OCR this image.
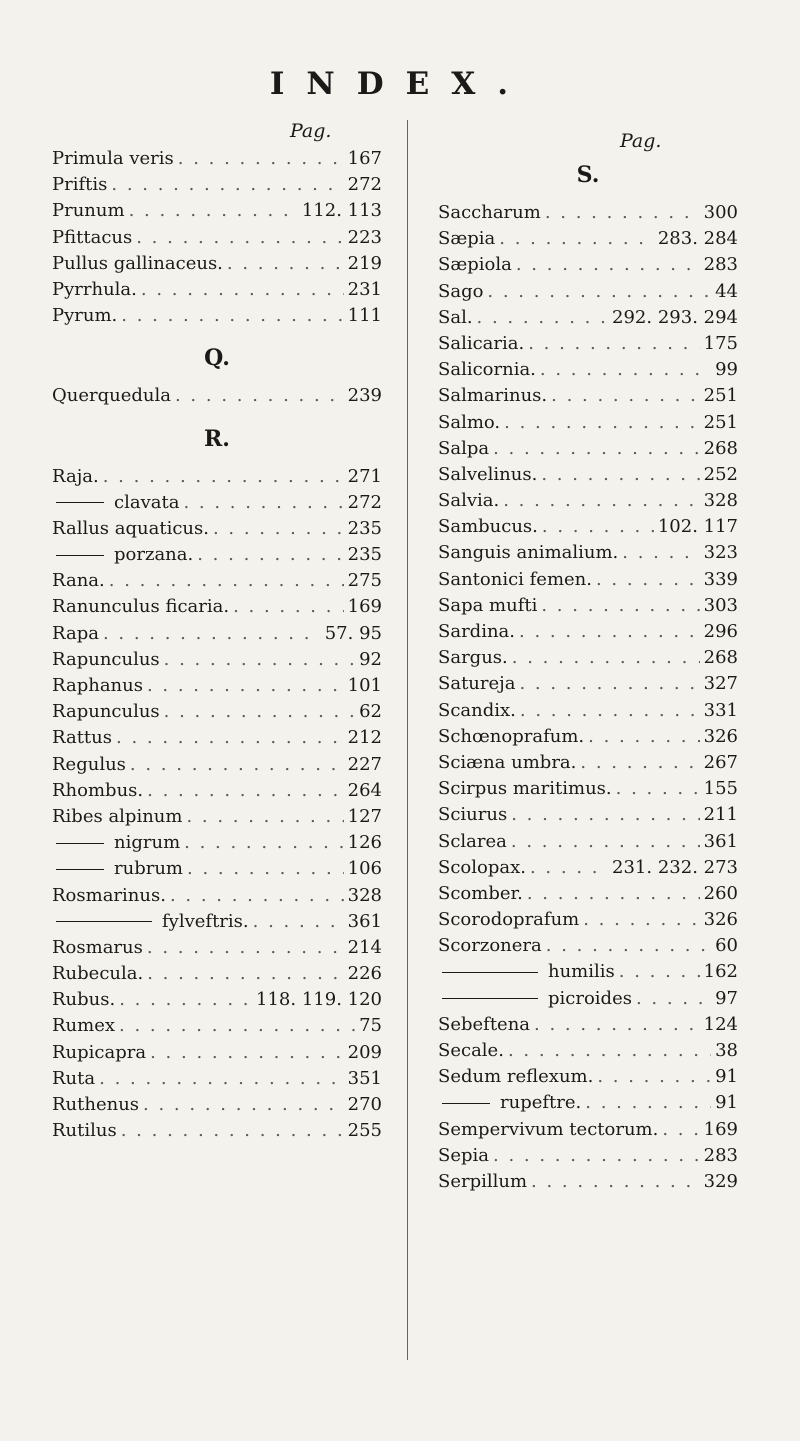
INDEX.
Pag.	Pag.
Primula veris . . .	167
Priftis . . .	272
Prunum . . .	112. 113
Pfittacus . . .	223
Pullus gallinaceus. . . .	219
Pyrrhula. . . .	231
Pyrum. . . .	111
Q.
Querquedula . . .	239
R.
Raja. . . .	271
clavata . . .	272
Rallus aquaticus. . . .	235
porzana. . . .	235
Rana. . . .	275
Ranunculus ficaria. . . .	169
Rapa . . .	57. 95
Rapunculus . . .	92
Raphanus . . .	101
Rapunculus . . .	62
Rattus . . .	212
Regulus . . .	227
Rhombus. . . .	264
Ribes alpinum . . .	127
nigrum . . .	126
rubrum . . .	106
Rosmarinus. . . .	328
fylveftris. . . .	361
Rosmarus . . .	214
Rubecula. . . .	226
Rubus. . . .	118. 119. 120
Rumex . . .	75
Rupicapra . . .	209
Ruta . . .	351
Ruthenus . . .	270
Rutilus . . .	255
S.
Saccharum . . .	300
Sæpia . . .	283. 284
Sæpiola . . .	283
Sago . . .	44
Sal. . . .	292. 293. 294
Salicaria. . . .	175
Salicornia. . . .	99
Salmarinus. . . .	251
Salmo. . . .	251
Salpa . . .	268
Salvelinus. . . .	252
Salvia. . . .	328
Sambucus. . . .	102. 117
Sanguis animalium. . . .	323
Santonici femen. . . .	339
Sapa mufti . . .	303
Sardina. . . .	296
Sargus. . . .	268
Satureja . . .	327
Scandix. . . .	331
Schœnoprafum. . . .	326
Sciæna umbra. . . .	267
Scirpus maritimus. . . .	155
Sciurus . . .	211
Sclarea . . .	361
Scolopax. . . .	231. 232. 273
Scomber. . . .	260
Scorodoprafum . . .	326
Scorzonera . . .	60
humilis . . .	162
picroides . . .	97
Sebeftena . . .	124
Secale. . . .	38
Sedum reflexum. . . .	91
rupeftre. . . .	91
Sempervivum tectorum. . . .	169
Sepia . . .	283
Serpillum . . .	329
